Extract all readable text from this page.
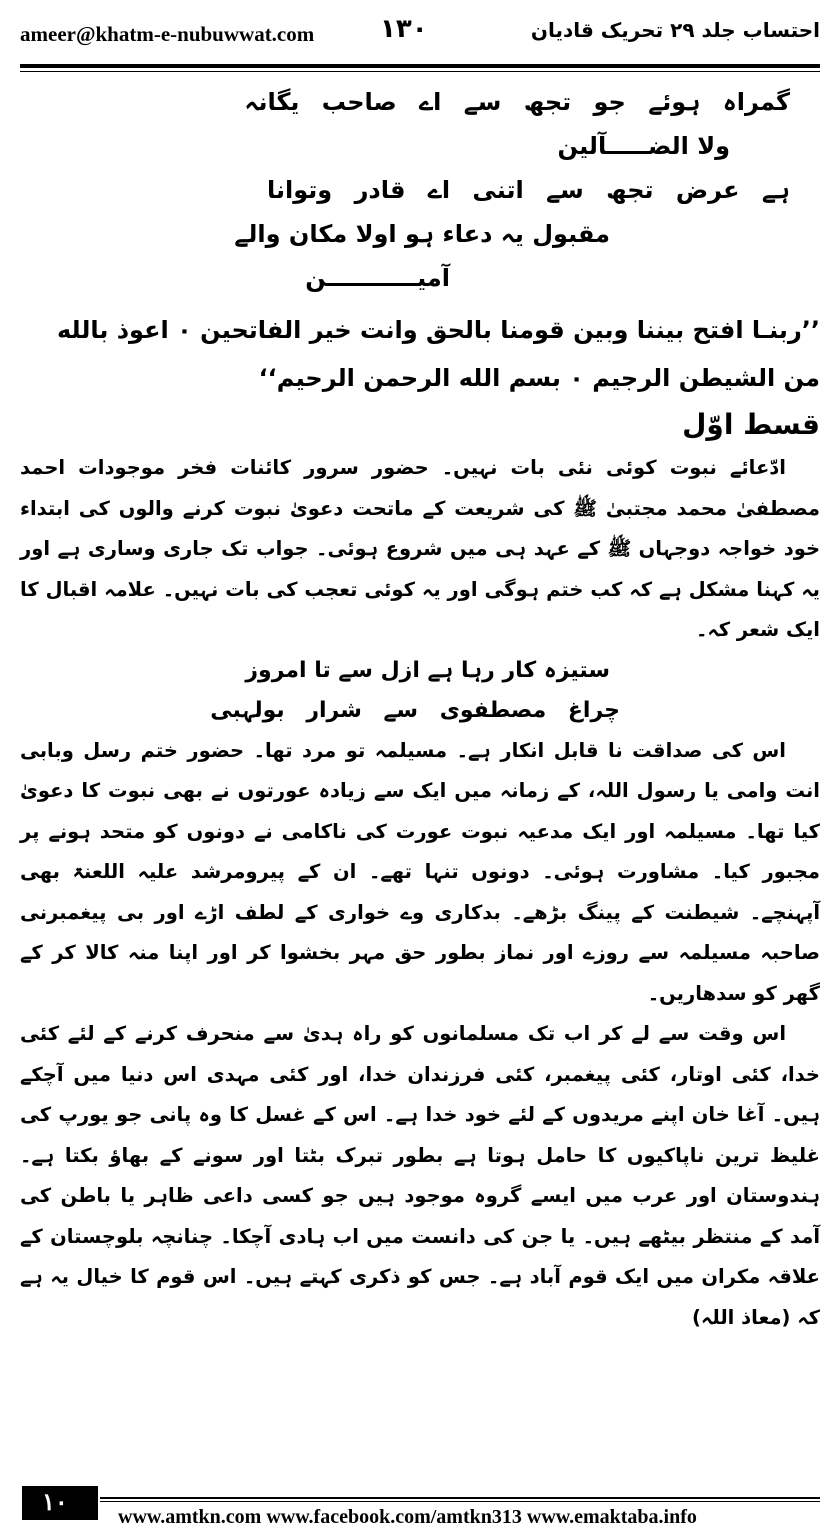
ameer@khatm-e-nubuwwat.com	۱۳۰	احتساب جلد ۲۹ تحریک قادیان
گمراہ ہوئے جو تجھ سے اے صاحب یگانہ
ولا الضـــــآلین
ہے عرض تجھ سے اتنی اے قادر وتوانا
مقبول یہ دعاء ہو اولا مکان والے
آمیـــــــــــن
’’ربنـا افتح بيننا وبين قومنا بالحق وانت خير الفاتحين ۰ اعوذ بالله من الشيطن الرجيم ۰ بسم الله الرحمن الرحيم‘‘
قسط اوّل

ادّعائے نبوت کوئی نئی بات نہیں۔ حضور سرور کائنات فخر موجودات احمد مصطفیٰ محمد مجتبیٰ ﷺ کی شریعت کے ماتحت دعویٰ نبوت کرنے والوں کی ابتداء خود خواجہ دوجہاں ﷺ کے عہد ہی میں شروع ہوئی۔ جواب تک جاری وساری ہے اور یہ کہنا مشکل ہے کہ کب ختم ہوگی اور یہ کوئی تعجب کی بات نہیں۔ علامہ اقبال کا ایک شعر کہ۔

ستیزہ کار رہا ہے ازل سے تا امروز
چراغ مصطفوی سے شرار بولہبی

اس کی صداقت نا قابل انکار ہے۔ مسیلمہ تو مرد تھا۔ حضور ختم رسل وبابی انت وامی یا رسول اللہ، کے زمانہ میں ایک سے زیادہ عورتوں نے بھی نبوت کا دعویٰ کیا تھا۔ مسیلمہ اور ایک مدعیہ نبوت عورت کی ناکامی نے دونوں کو متحد ہونے پر مجبور کیا۔ مشاورت ہوئی۔ دونوں تنہا تھے۔ ان کے پیرومرشد علیہ اللعنۃ بھی آپہنچے۔ شیطنت کے پینگ بڑھے۔ بدکاری وے خواری کے لطف اڑے اور بی پیغمبرنی صاحبہ مسیلمہ سے روزے اور نماز بطور حق مہر بخشوا کر اور اپنا منہ کالا کر کے گھر کو سدھاریں۔

اس وقت سے لے کر اب تک مسلمانوں کو راہ ہدیٰ سے منحرف کرنے کے لئے کئی خدا، کئی اوتار، کئی پیغمبر، کئی فرزندان خدا، اور کئی مہدی اس دنیا میں آچکے ہیں۔ آغا خان اپنے مریدوں کے لئے خود خدا ہے۔ اس کے غسل کا وہ پانی جو یورپ کی غلیظ ترین ناپاکیوں کا حامل ہوتا ہے بطور تبرک بٹتا اور سونے کے بھاؤ بکتا ہے۔ ہندوستان اور عرب میں ایسے گروہ موجود ہیں جو کسی داعی ظاہر یا باطن کی آمد کے منتظر بیٹھے ہیں۔ یا جن کی دانست میں اب ہادی آچکا۔ چنانچہ بلوچستان کے علاقہ مکران میں ایک قوم آباد ہے۔ جس کو ذکری کہتے ہیں۔ اس قوم کا خیال یہ ہے کہ (معاذ اللہ)

۱۰
www.amtkn.com www.facebook.com/amtkn313 www.emaktaba.info
